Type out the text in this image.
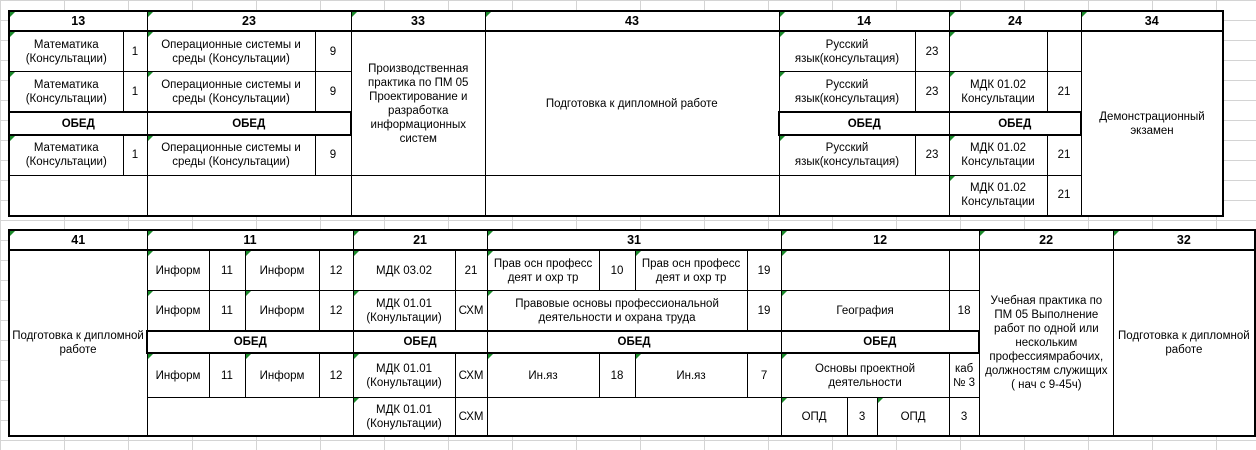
13		23		33	43	14		24		34
Математика (Консультации)	1	Операционные системы и среды (Консультации)	9	Производственная практика по ПМ 05 Проектирование и разработка информационных систем	Подготовка к дипломной работе	Русский язык(консультация)	23			Демонстрационный экзамен
Математика (Консультации)	1	Операционные системы и среды (Консультации)	9			Русский язык(консультация)	23	МДК 01.02 Консультации	21	
ОБЕД		ОБЕД				ОБЕД		ОБЕД		
Математика (Консультации)	1	Операционные системы и среды (Консультации)	9			Русский язык(консультация)	23	МДК 01.02 Консультации	21	
								МДК 01.02 Консультации	21	
41	11				21		31				12				22	32
Подготовка к дипломной работе	Информ	11	Информ	12	МДК 03.02	21	Прав осн професс деят и охр тр	10	Прав осн професс деят и охр тр	19					Учебная практика по ПМ 05 Выполнение работ по одной или нескольким профессиямрабочих, должностям служищих ( нач с 9-45ч)	Подготовка к дипломной работе
	Информ	11	Информ	12	МДК 01.01 (Конультации)	СХМ	Правовые основы профессиональной деятельности и охрана труда			19	География			18		
	ОБЕД				ОБЕД		ОБЕД				ОБЕД					
	Информ	11	Информ	12	МДК 01.01 (Конультации)	СХМ	Ин.яз	18	Ин.яз	7	Основы проектной деятельности			каб № 3		
					МДК 01.01 (Конультации)	СХМ					ОПД	3	ОПД	3		
